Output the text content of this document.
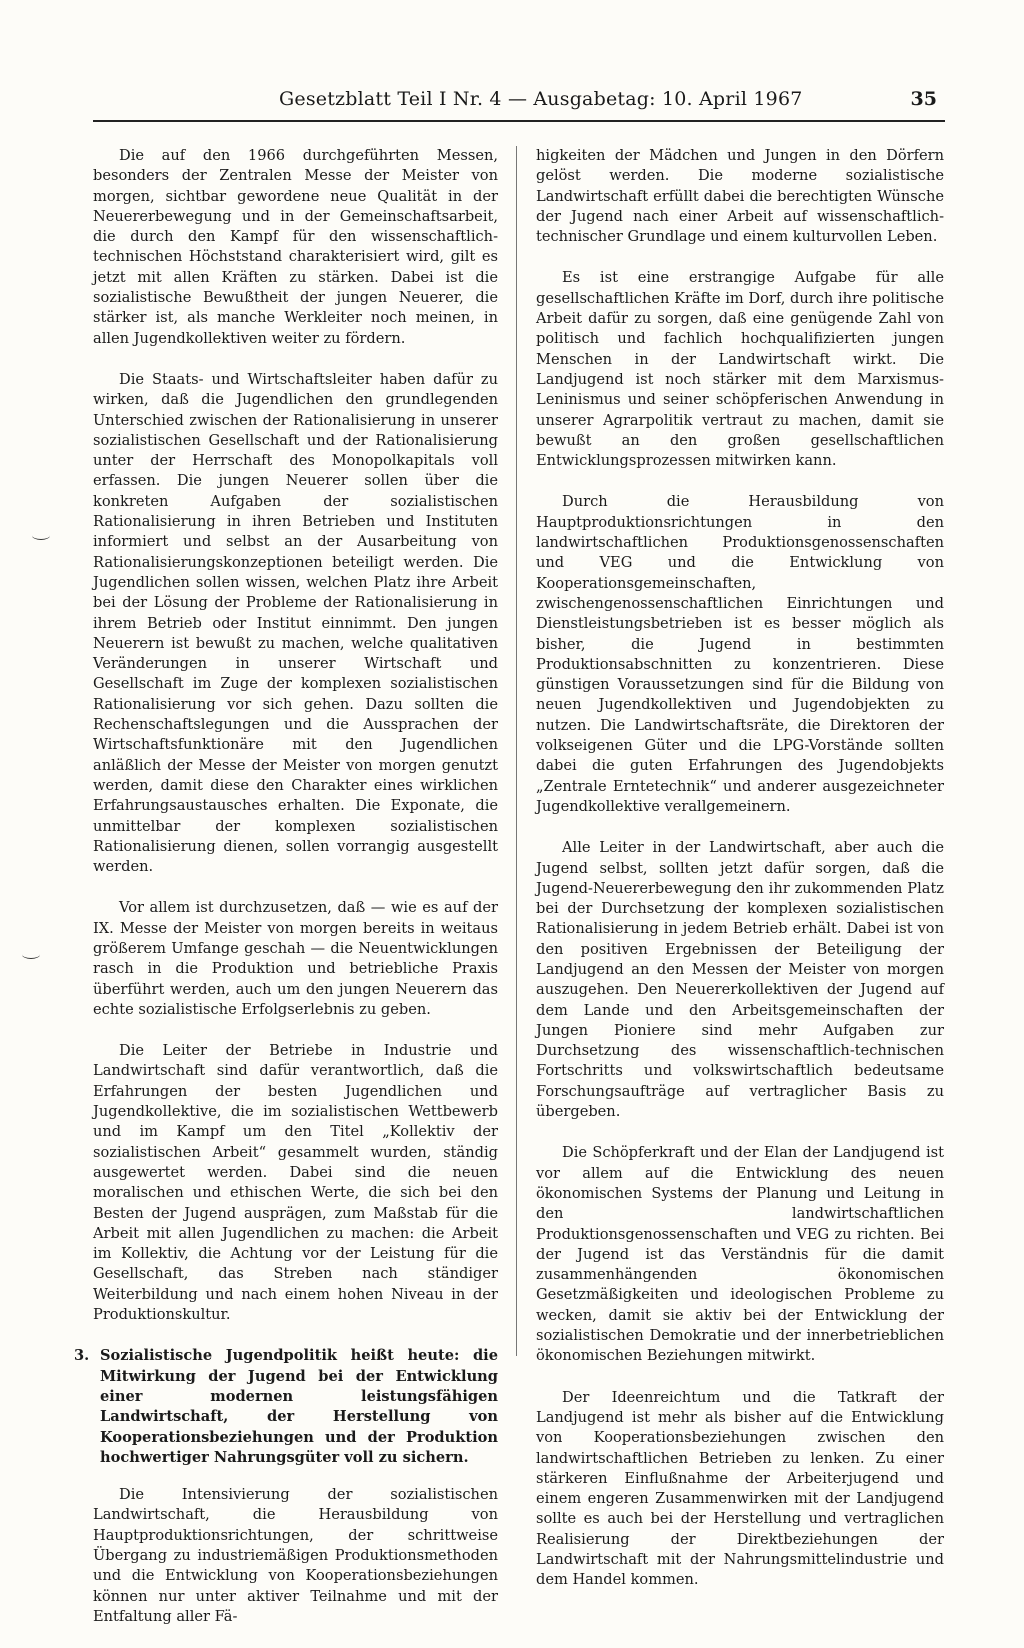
Gesetzblatt Teil I Nr. 4 — Ausgabetag: 10. April 1967	35

Die auf den 1966 durchgeführten Messen, besonders der Zentralen Messe der Meister von morgen, sichtbar gewordene neue Qualität in der Neuererbewegung und in der Gemeinschaftsarbeit, die durch den Kampf für den wissenschaftlich-technischen Höchststand charakterisiert wird, gilt es jetzt mit allen Kräften zu stärken. Dabei ist die sozialistische Bewußtheit der jungen Neuerer, die stärker ist, als manche Werkleiter noch meinen, in allen Jugendkollektiven weiter zu fördern.

Die Staats- und Wirtschaftsleiter haben dafür zu wirken, daß die Jugendlichen den grundlegenden Unterschied zwischen der Rationalisierung in unserer sozialistischen Gesellschaft und der Rationalisierung unter der Herrschaft des Monopolkapitals voll erfassen. Die jungen Neuerer sollen über die konkreten Aufgaben der sozialistischen Rationalisierung in ihren Betrieben und Instituten informiert und selbst an der Ausarbeitung von Rationalisierungskonzeptionen beteiligt werden. Die Jugendlichen sollen wissen, welchen Platz ihre Arbeit bei der Lösung der Probleme der Rationalisierung in ihrem Betrieb oder Institut einnimmt. Den jungen Neuerern ist bewußt zu machen, welche qualitativen Veränderungen in unserer Wirtschaft und Gesellschaft im Zuge der komplexen sozialistischen Rationalisierung vor sich gehen. Dazu sollten die Rechenschaftslegungen und die Aussprachen der Wirtschaftsfunktionäre mit den Jugendlichen anläßlich der Messe der Meister von morgen genutzt werden, damit diese den Charakter eines wirklichen Erfahrungsaustausches erhalten. Die Exponate, die unmittelbar der komplexen sozialistischen Rationalisierung dienen, sollen vorrangig ausgestellt werden.

Vor allem ist durchzusetzen, daß — wie es auf der IX. Messe der Meister von morgen bereits in weitaus größerem Umfange geschah — die Neuentwicklungen rasch in die Produktion und betriebliche Praxis überführt werden, auch um den jungen Neuerern das echte sozialistische Erfolgserlebnis zu geben.

Die Leiter der Betriebe in Industrie und Landwirtschaft sind dafür verantwortlich, daß die Erfahrungen der besten Jugendlichen und Jugendkollektive, die im sozialistischen Wettbewerb und im Kampf um den Titel „Kollektiv der sozialistischen Arbeit“ gesammelt wurden, ständig ausgewertet werden. Dabei sind die neuen moralischen und ethischen Werte, die sich bei den Besten der Jugend ausprägen, zum Maßstab für die Arbeit mit allen Jugendlichen zu machen: die Arbeit im Kollektiv, die Achtung vor der Leistung für die Gesellschaft, das Streben nach ständiger Weiterbildung und nach einem hohen Niveau in der Produktionskultur.

3. Sozialistische Jugendpolitik heißt heute: die Mitwirkung der Jugend bei der Entwicklung einer modernen leistungsfähigen Landwirtschaft, der Herstellung von Kooperationsbeziehungen und der Produktion hochwertiger Nahrungsgüter voll zu sichern.

Die Intensivierung der sozialistischen Landwirtschaft, die Herausbildung von Hauptproduktionsrichtungen, der schrittweise Übergang zu industriemäßigen Produktionsmethoden und die Entwicklung von Kooperationsbeziehungen können nur unter aktiver Teilnahme und mit der Entfaltung aller Fä-

higkeiten der Mädchen und Jungen in den Dörfern gelöst werden. Die moderne sozialistische Landwirtschaft erfüllt dabei die berechtigten Wünsche der Jugend nach einer Arbeit auf wissenschaftlich-technischer Grundlage und einem kulturvollen Leben.

Es ist eine erstrangige Aufgabe für alle gesellschaftlichen Kräfte im Dorf, durch ihre politische Arbeit dafür zu sorgen, daß eine genügende Zahl von politisch und fachlich hochqualifizierten jungen Menschen in der Landwirtschaft wirkt. Die Landjugend ist noch stärker mit dem Marxismus-Leninismus und seiner schöpferischen Anwendung in unserer Agrarpolitik vertraut zu machen, damit sie bewußt an den großen gesellschaftlichen Entwicklungsprozessen mitwirken kann.

Durch die Herausbildung von Hauptproduktionsrichtungen in den landwirtschaftlichen Produktionsgenossenschaften und VEG und die Entwicklung von Kooperationsgemeinschaften, zwischengenossenschaftlichen Einrichtungen und Dienstleistungsbetrieben ist es besser möglich als bisher, die Jugend in bestimmten Produktionsabschnitten zu konzentrieren. Diese günstigen Voraussetzungen sind für die Bildung von neuen Jugendkollektiven und Jugendobjekten zu nutzen. Die Landwirtschaftsräte, die Direktoren der volkseigenen Güter und die LPG-Vorstände sollten dabei die guten Erfahrungen des Jugendobjekts „Zentrale Erntetechnik“ und anderer ausgezeichneter Jugendkollektive verallgemeinern.

Alle Leiter in der Landwirtschaft, aber auch die Jugend selbst, sollten jetzt dafür sorgen, daß die Jugend-Neuererbewegung den ihr zukommenden Platz bei der Durchsetzung der komplexen sozialistischen Rationalisierung in jedem Betrieb erhält. Dabei ist von den positiven Ergebnissen der Beteiligung der Landjugend an den Messen der Meister von morgen auszugehen. Den Neuererkollektiven der Jugend auf dem Lande und den Arbeitsgemeinschaften der Jungen Pioniere sind mehr Aufgaben zur Durchsetzung des wissenschaftlich-technischen Fortschritts und volkswirtschaftlich bedeutsame Forschungsaufträge auf vertraglicher Basis zu übergeben.

Die Schöpferkraft und der Elan der Landjugend ist vor allem auf die Entwicklung des neuen ökonomischen Systems der Planung und Leitung in den landwirtschaftlichen Produktionsgenossenschaften und VEG zu richten. Bei der Jugend ist das Verständnis für die damit zusammenhängenden ökonomischen Gesetzmäßigkeiten und ideologischen Probleme zu wecken, damit sie aktiv bei der Entwicklung der sozialistischen Demokratie und der innerbetrieblichen ökonomischen Beziehungen mitwirkt.

Der Ideenreichtum und die Tatkraft der Landjugend ist mehr als bisher auf die Entwicklung von Kooperationsbeziehungen zwischen den landwirtschaftlichen Betrieben zu lenken. Zu einer stärkeren Einflußnahme der Arbeiterjugend und einem engeren Zusammenwirken mit der Landjugend sollte es auch bei der Herstellung und vertraglichen Realisierung der Direktbeziehungen der Landwirtschaft mit der Nahrungsmittelindustrie und dem Handel kommen.
